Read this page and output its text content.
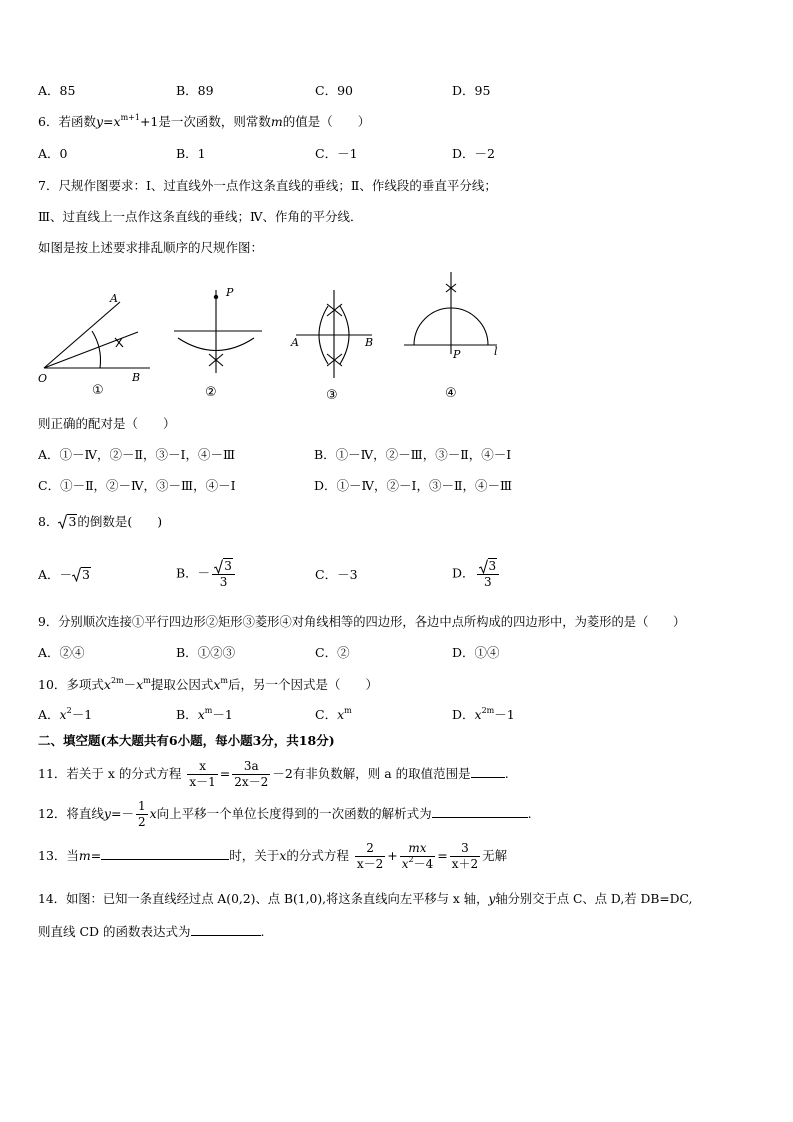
A．85	B．89	C．90	D．95
6．若函数$y=x^{m+1}+1$是一次函数，则常数m的值是（　　）
A．0	B．1	C．－1	D．－2
7．尺规作图要求：Ⅰ、过直线外一点作这条直线的垂线；Ⅱ、作线段的垂直平分线；
Ⅲ、过直线上一点作这条直线的垂线；Ⅳ、作角的平分线．
如图是按上述要求排乱顺序的尺规作图：
A
O	B
P
A	B
P	l
①	②	③	④
则正确的配对是（　　）
A．①－Ⅳ，②－Ⅱ，③－Ⅰ，④－Ⅲ	B．①－Ⅳ，②－Ⅲ，③－Ⅱ，④－Ⅰ
C．①－Ⅱ，②－Ⅳ，③－Ⅲ，④－Ⅰ	D．①－Ⅳ，②－Ⅰ，③－Ⅱ，④－Ⅲ
8． 3的倒数是(　　)
A．－ 3	B．－ $\frac{3}{3}$	C．－3	D． $\frac{3}{3}$
9．分别顺次连接①平行四边形②矩形③菱形④对角线相等的四边形，各边中点所构成的四边形中，为菱形的是（　　）
A．②④	B．①②③	C．②	D．①④
10．多项式$x^{2m}-x^m$提取公因式$x^m$后，另一个因式是（　　）
A．$x^2-1$	B．$x^m-1$	C．$x^m$	D．$x^{2m}-1$
二、填空题(本大题共有6小题，每小题3分，共18分)
11．若关于 x 的分式方程 $\frac{x}{x-1} = \frac{3a}{2x-2} -2$有非负数解，则 a 的取值范围是	.
12．将直线$y=- \frac{1}{2}$ x向上平移一个单位长度得到的一次函数的解析式为	.
13．当m=	时，关于x的分式方程 $\frac{2}{x-2} + \frac{mx}{x^2-4} = \frac{3}{x+2}$ 无解
14．如图：已知一条直线经过点 A(0,2)、点 B(1,0),将这条直线向左平移与 x 轴，y轴分别交于点 C、点 D,若 DB=DC,
则直线 CD 的函数表达式为	.
